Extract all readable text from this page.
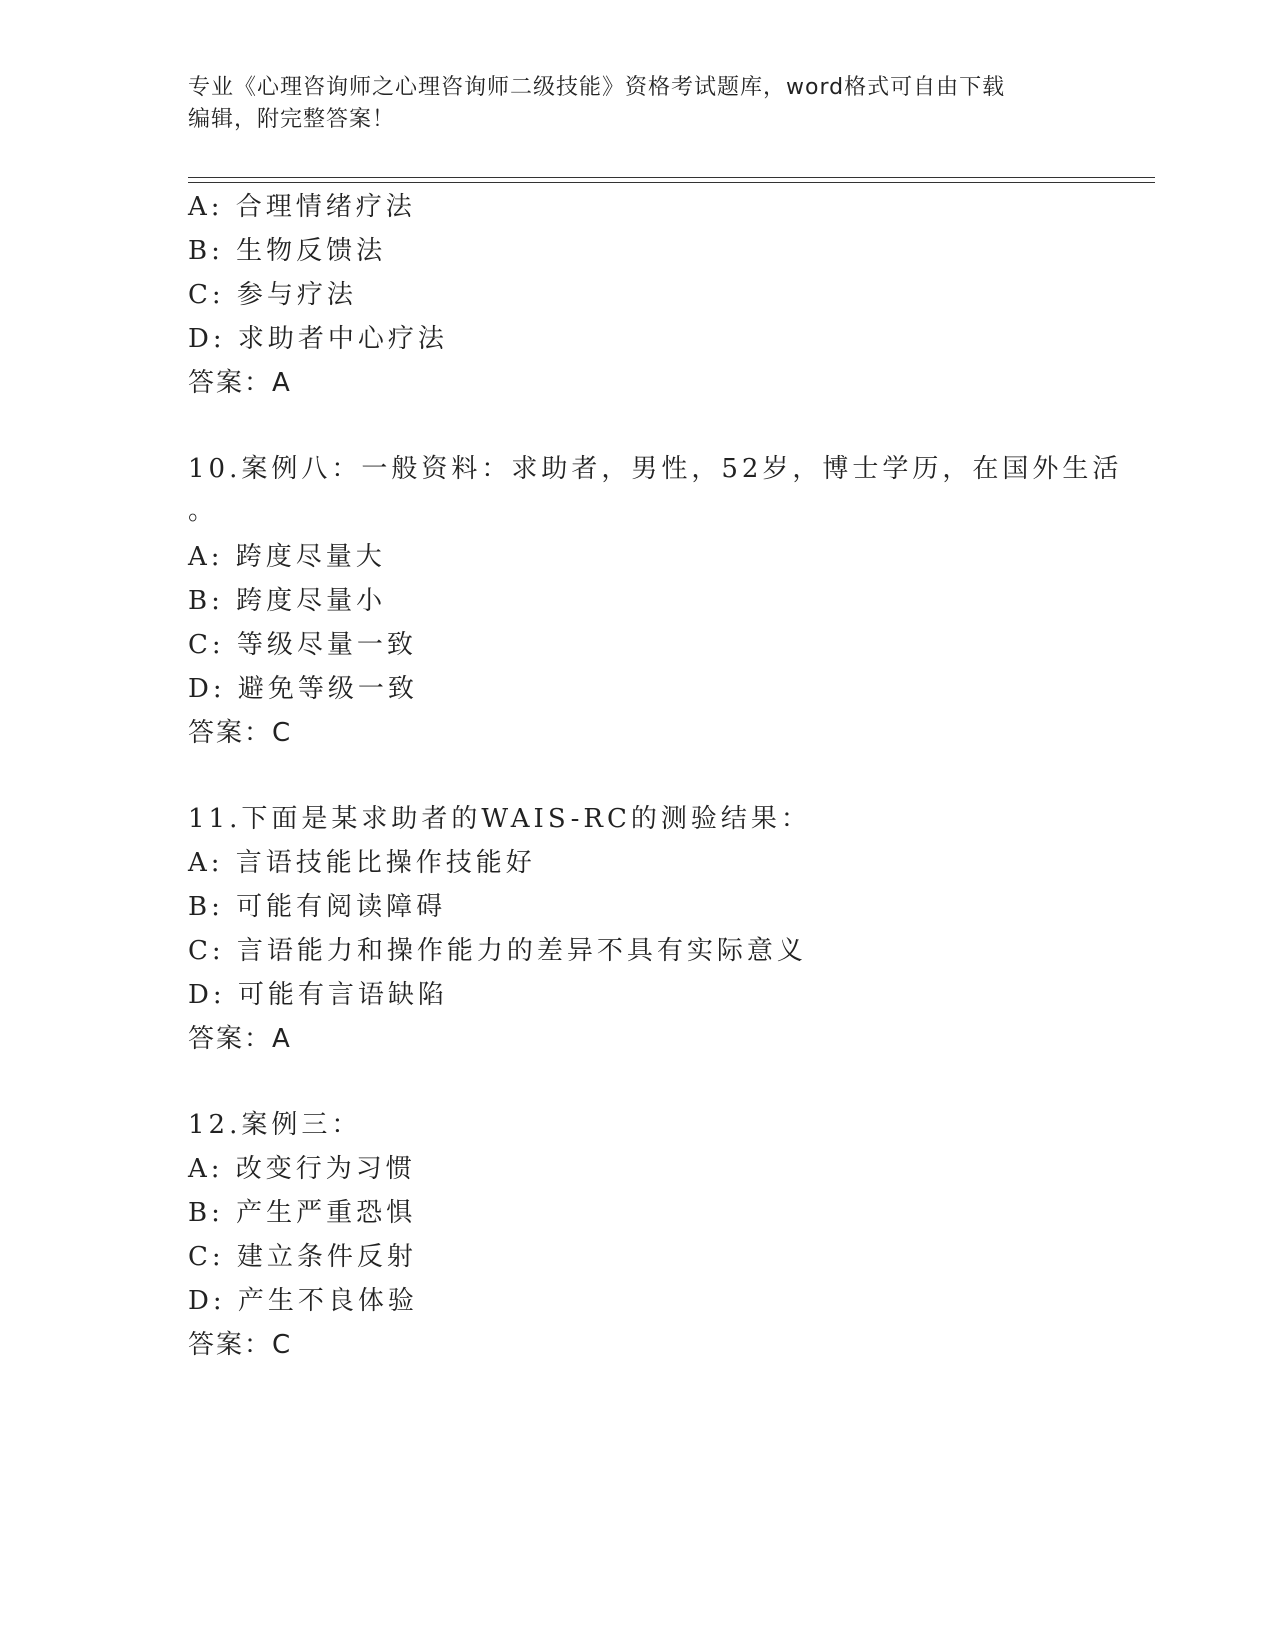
专业《心理咨询师之心理咨询师二级技能》资格考试题库，word格式可自由下载
编辑，附完整答案！
A: 合理情绪疗法
B: 生物反馈法
C: 参与疗法
D: 求助者中心疗法
答案：A
10.案例八：一般资料：求助者，男性，52岁，博士学历，在国外生活
。
A: 跨度尽量大
B: 跨度尽量小
C: 等级尽量一致
D: 避免等级一致
答案：C
11.下面是某求助者的WAIS-RC的测验结果：
A: 言语技能比操作技能好
B: 可能有阅读障碍
C: 言语能力和操作能力的差异不具有实际意义
D: 可能有言语缺陷
答案：A
12.案例三：
A: 改变行为习惯
B: 产生严重恐惧
C: 建立条件反射
D: 产生不良体验
答案：C
